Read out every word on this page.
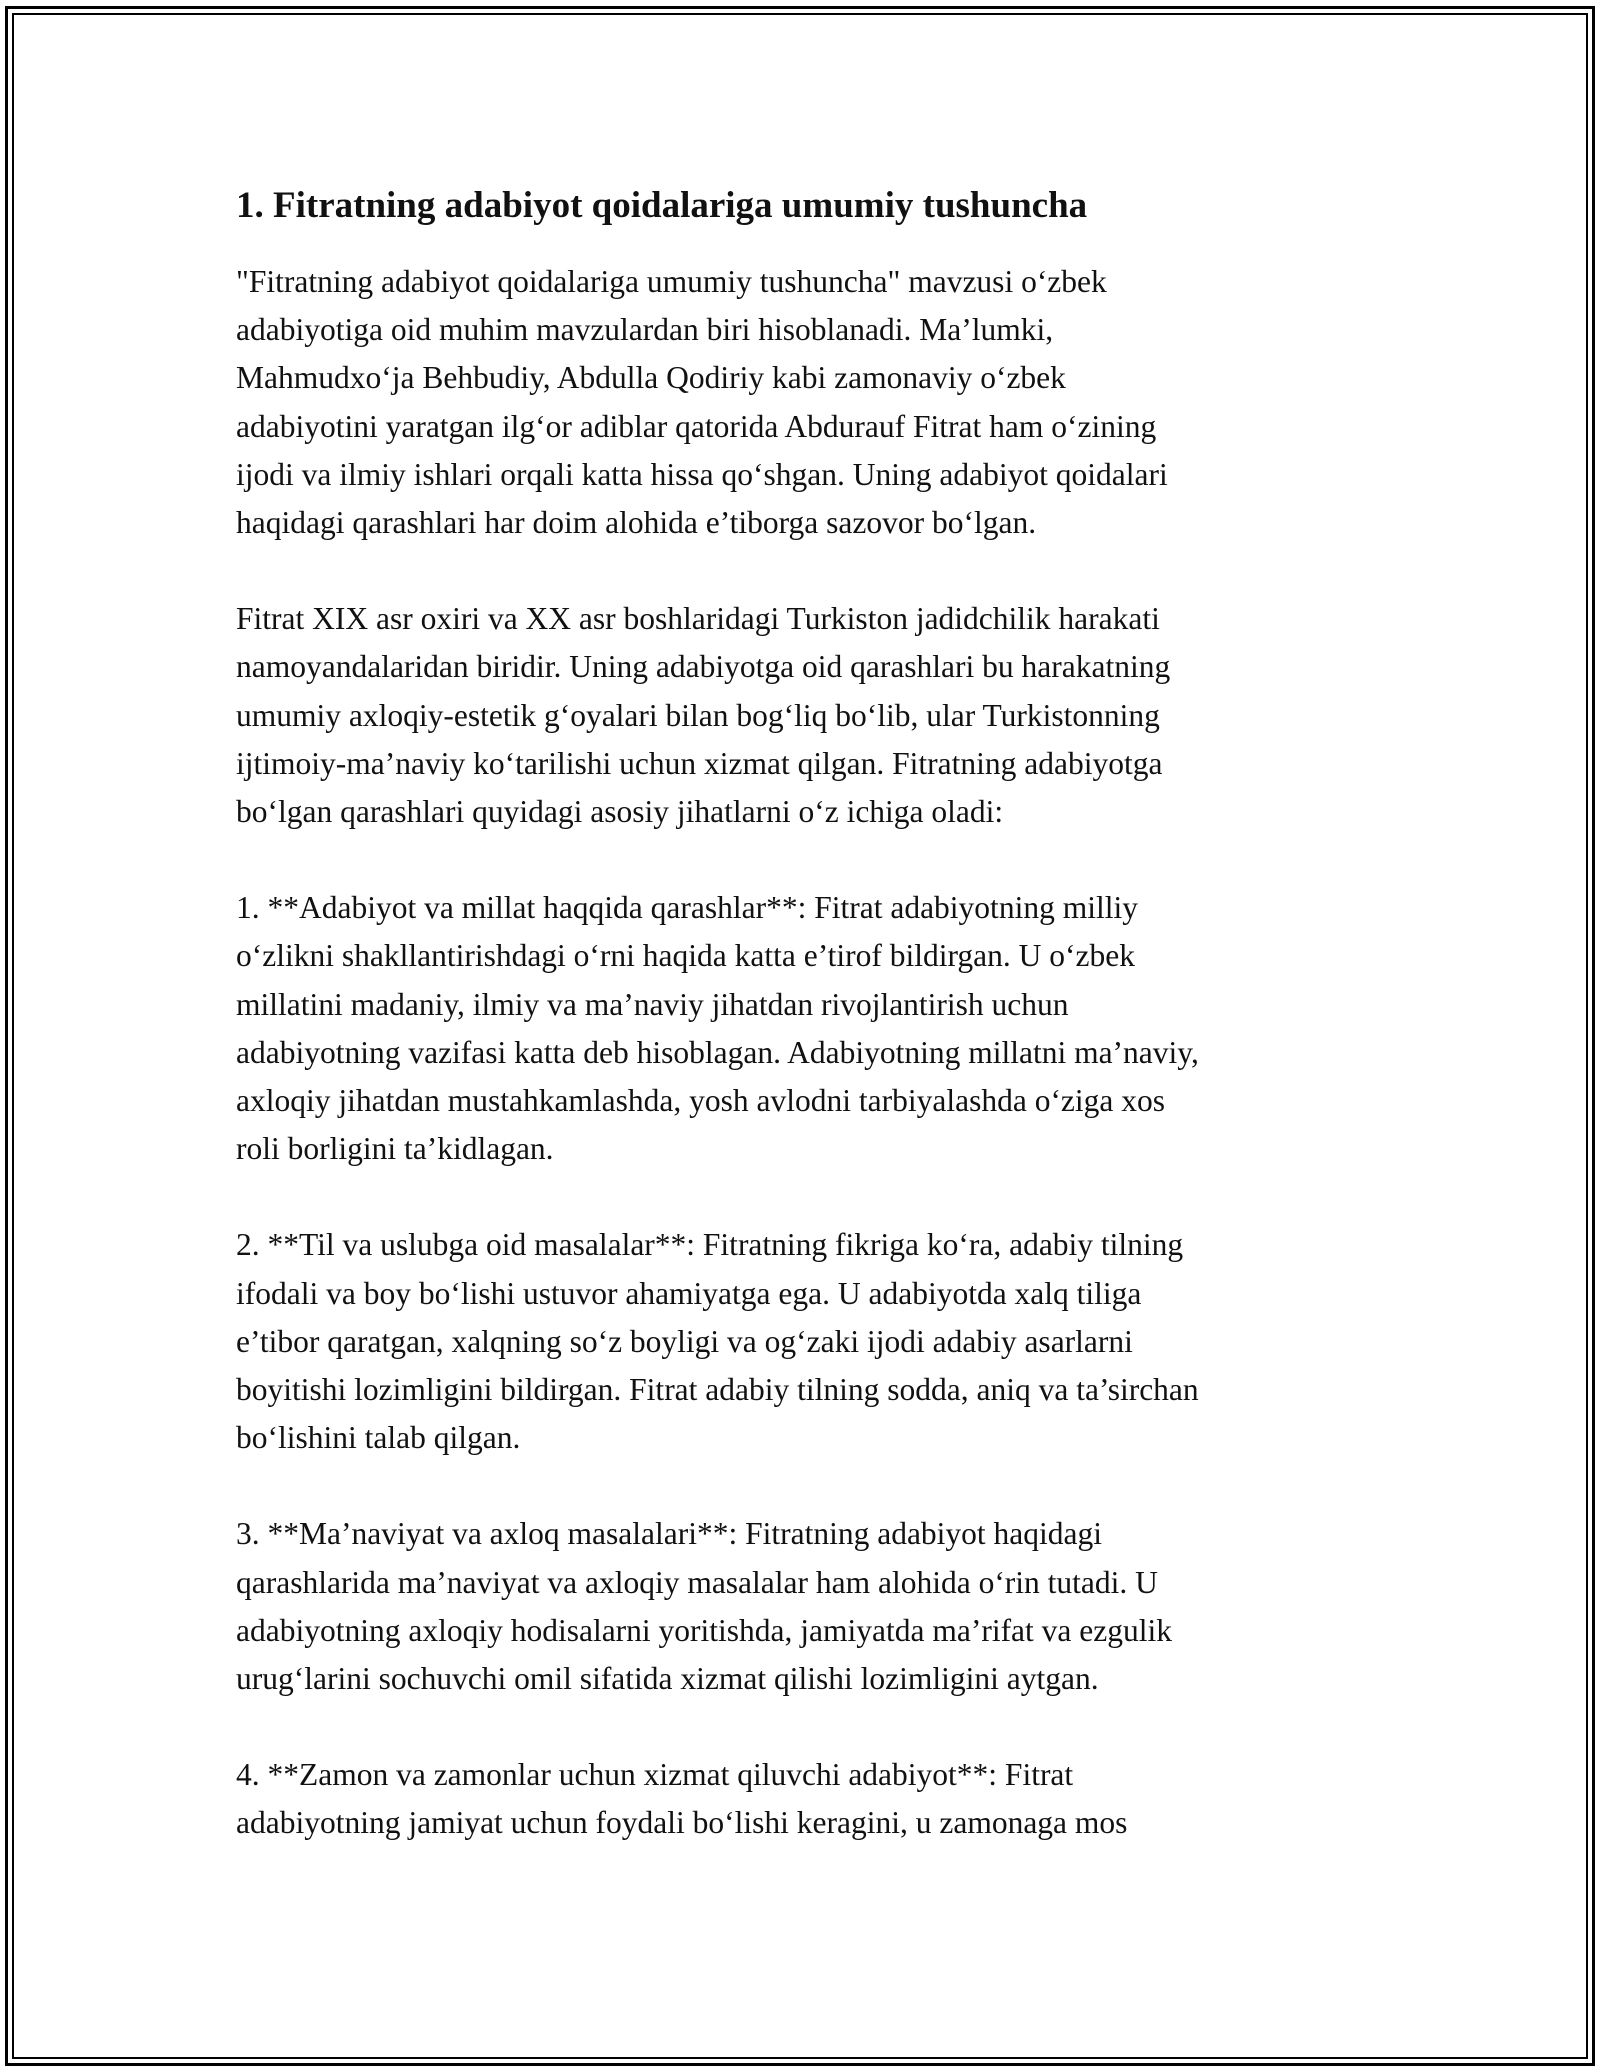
1. Fitratning adabiyot qoidalariga umumiy tushuncha

"Fitratning adabiyot qoidalariga umumiy tushuncha" mavzusi o‘zbek
adabiyotiga oid muhim mavzulardan biri hisoblanadi. Ma’lumki,
Mahmudxo‘ja Behbudiy, Abdulla Qodiriy kabi zamonaviy o‘zbek
adabiyotini yaratgan ilg‘or adiblar qatorida Abdurauf Fitrat ham o‘zining
ijodi va ilmiy ishlari orqali katta hissa qo‘shgan. Uning adabiyot qoidalari
haqidagi qarashlari har doim alohida e’tiborga sazovor bo‘lgan.

Fitrat XIX asr oxiri va XX asr boshlaridagi Turkiston jadidchilik harakati
namoyandalaridan biridir. Uning adabiyotga oid qarashlari bu harakatning
umumiy axloqiy-estetik g‘oyalari bilan bog‘liq bo‘lib, ular Turkistonning
ijtimoiy-ma’naviy ko‘tarilishi uchun xizmat qilgan. Fitratning adabiyotga
bo‘lgan qarashlari quyidagi asosiy jihatlarni o‘z ichiga oladi:

1. **Adabiyot va millat haqqida qarashlar**: Fitrat adabiyotning milliy
o‘zlikni shakllantirishdagi o‘rni haqida katta e’tirof bildirgan. U o‘zbek
millatini madaniy, ilmiy va ma’naviy jihatdan rivojlantirish uchun
adabiyotning vazifasi katta deb hisoblagan. Adabiyotning millatni ma’naviy,
axloqiy jihatdan mustahkamlashda, yosh avlodni tarbiyalashda o‘ziga xos
roli borligini ta’kidlagan.

2. **Til va uslubga oid masalalar**: Fitratning fikriga ko‘ra, adabiy tilning
ifodali va boy bo‘lishi ustuvor ahamiyatga ega. U adabiyotda xalq tiliga
e’tibor qaratgan, xalqning so‘z boyligi va og‘zaki ijodi adabiy asarlarni
boyitishi lozimligini bildirgan. Fitrat adabiy tilning sodda, aniq va ta’sirchan
bo‘lishini talab qilgan.

3. **Ma’naviyat va axloq masalalari**: Fitratning adabiyot haqidagi
qarashlarida ma’naviyat va axloqiy masalalar ham alohida o‘rin tutadi. U
adabiyotning axloqiy hodisalarni yoritishda, jamiyatda ma’rifat va ezgulik
urug‘larini sochuvchi omil sifatida xizmat qilishi lozimligini aytgan.

4. **Zamon va zamonlar uchun xizmat qiluvchi adabiyot**: Fitrat
adabiyotning jamiyat uchun foydali bo‘lishi keragini, u zamonaga mos
